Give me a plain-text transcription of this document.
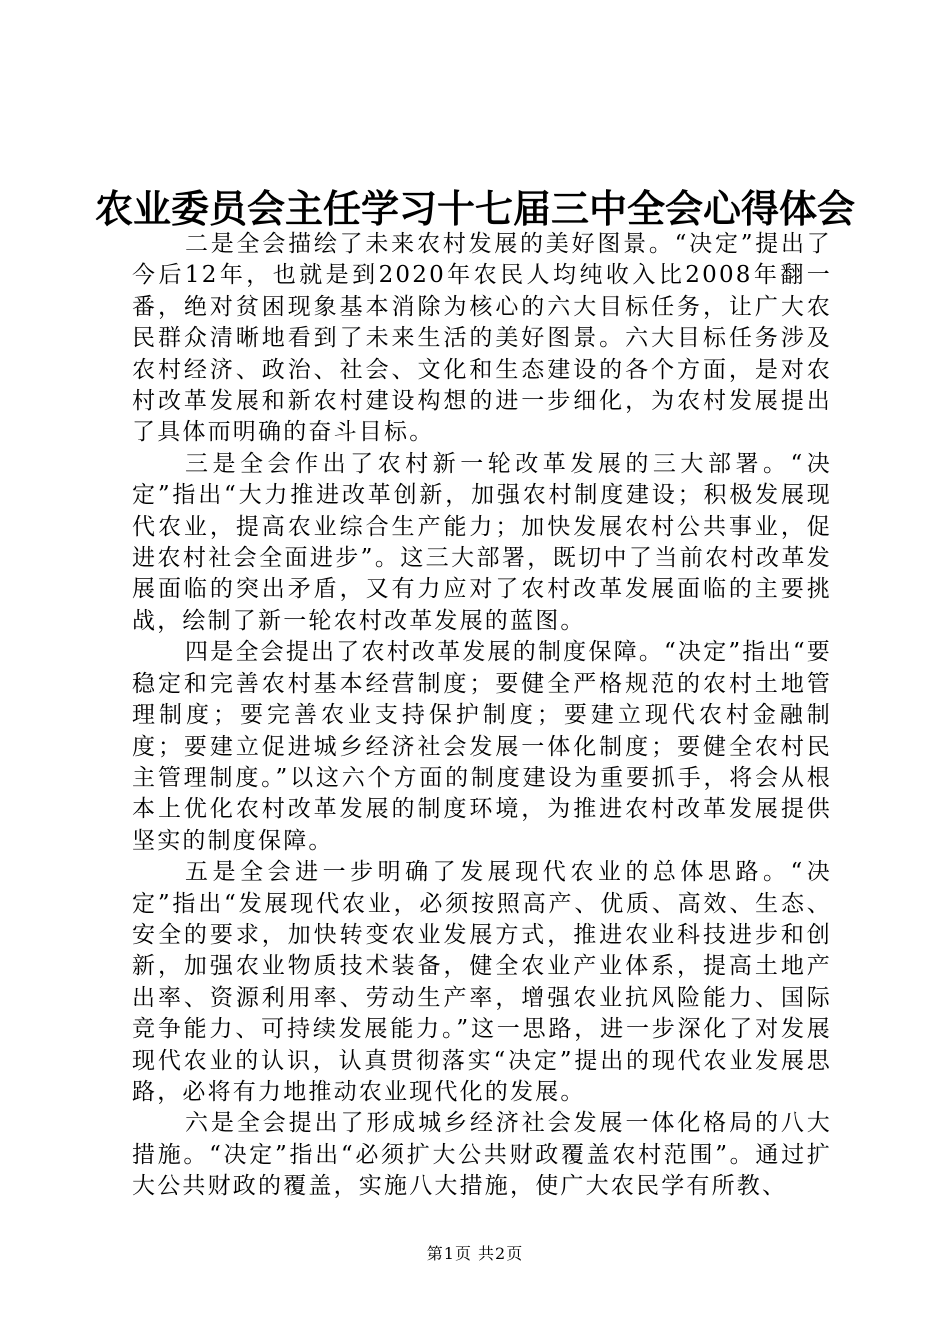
农业委员会主任学习十七届三中全会心得体会

二是全会描绘了未来农村发展的美好图景。“决定”提出了今后12年，也就是到2020年农民人均纯收入比2008年翻一番，绝对贫困现象基本消除为核心的六大目标任务，让广大农民群众清晰地看到了未来生活的美好图景。六大目标任务涉及农村经济、政治、社会、文化和生态建设的各个方面，是对农村改革发展和新农村建设构想的进一步细化，为农村发展提出了具体而明确的奋斗目标。

三是全会作出了农村新一轮改革发展的三大部署。“决定”指出“大力推进改革创新，加强农村制度建设；积极发展现代农业，提高农业综合生产能力；加快发展农村公共事业，促进农村社会全面进步”。这三大部署，既切中了当前农村改革发展面临的突出矛盾，又有力应对了农村改革发展面临的主要挑战，绘制了新一轮农村改革发展的蓝图。

四是全会提出了农村改革发展的制度保障。“决定”指出“要稳定和完善农村基本经营制度；要健全严格规范的农村土地管理制度；要完善农业支持保护制度；要建立现代农村金融制度；要建立促进城乡经济社会发展一体化制度；要健全农村民主管理制度。”以这六个方面的制度建设为重要抓手，将会从根本上优化农村改革发展的制度环境，为推进农村改革发展提供坚实的制度保障。

五是全会进一步明确了发展现代农业的总体思路。“决定”指出“发展现代农业，必须按照高产、优质、高效、生态、安全的要求，加快转变农业发展方式，推进农业科技进步和创新，加强农业物质技术装备，健全农业产业体系，提高土地产出率、资源利用率、劳动生产率，增强农业抗风险能力、国际竞争能力、可持续发展能力。”这一思路，进一步深化了对发展现代农业的认识，认真贯彻落实“决定”提出的现代农业发展思路，必将有力地推动农业现代化的发展。

六是全会提出了形成城乡经济社会发展一体化格局的八大措施。“决定”指出“必须扩大公共财政覆盖农村范围”。通过扩大公共财政的覆盖，实施八大措施，使广大农民学有所教、

第1页 共2页
